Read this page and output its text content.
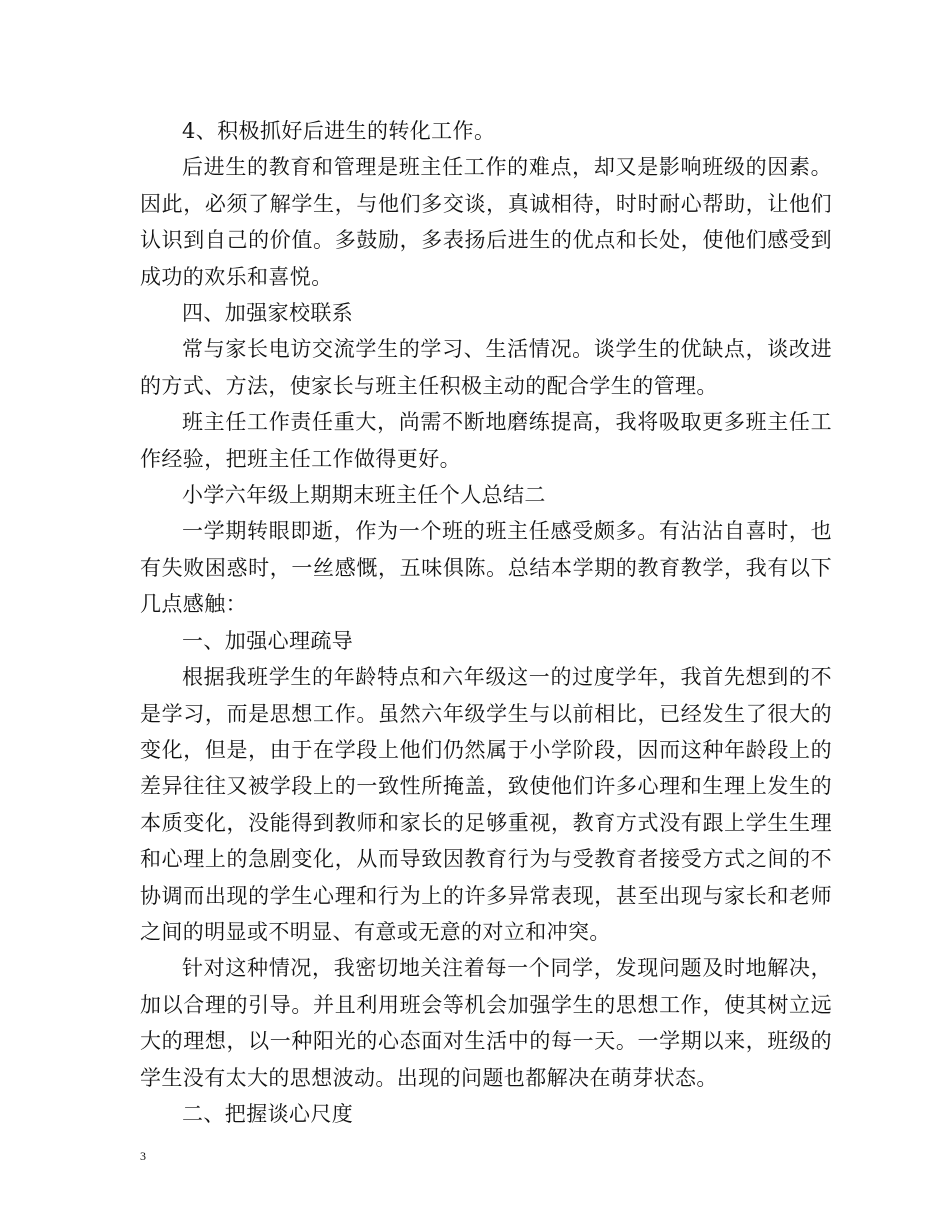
4、积极抓好后进生的转化工作。

后进生的教育和管理是班主任工作的难点，却又是影响班级的因素。因此，必须了解学生，与他们多交谈，真诚相待，时时耐心帮助，让他们认识到自己的价值。多鼓励，多表扬后进生的优点和长处，使他们感受到成功的欢乐和喜悦。

四、加强家校联系

常与家长电访交流学生的学习、生活情况。谈学生的优缺点，谈改进的方式、方法，使家长与班主任积极主动的配合学生的管理。

班主任工作责任重大，尚需不断地磨练提高，我将吸取更多班主任工作经验，把班主任工作做得更好。

小学六年级上期期末班主任个人总结二

一学期转眼即逝，作为一个班的班主任感受颇多。有沾沾自喜时，也有失败困惑时，一丝感慨，五味俱陈。总结本学期的教育教学，我有以下几点感触：

一、加强心理疏导

根据我班学生的年龄特点和六年级这一的过度学年，我首先想到的不是学习，而是思想工作。虽然六年级学生与以前相比，已经发生了很大的变化，但是，由于在学段上他们仍然属于小学阶段，因而这种年龄段上的差异往往又被学段上的一致性所掩盖，致使他们许多心理和生理上发生的本质变化，没能得到教师和家长的足够重视，教育方式没有跟上学生生理和心理上的急剧变化，从而导致因教育行为与受教育者接受方式之间的不协调而出现的学生心理和行为上的许多异常表现，甚至出现与家长和老师之间的明显或不明显、有意或无意的对立和冲突。

针对这种情况，我密切地关注着每一个同学，发现问题及时地解决，加以合理的引导。并且利用班会等机会加强学生的思想工作，使其树立远大的理想，以一种阳光的心态面对生活中的每一天。一学期以来，班级的学生没有太大的思想波动。出现的问题也都解决在萌芽状态。

二、把握谈心尺度

3
